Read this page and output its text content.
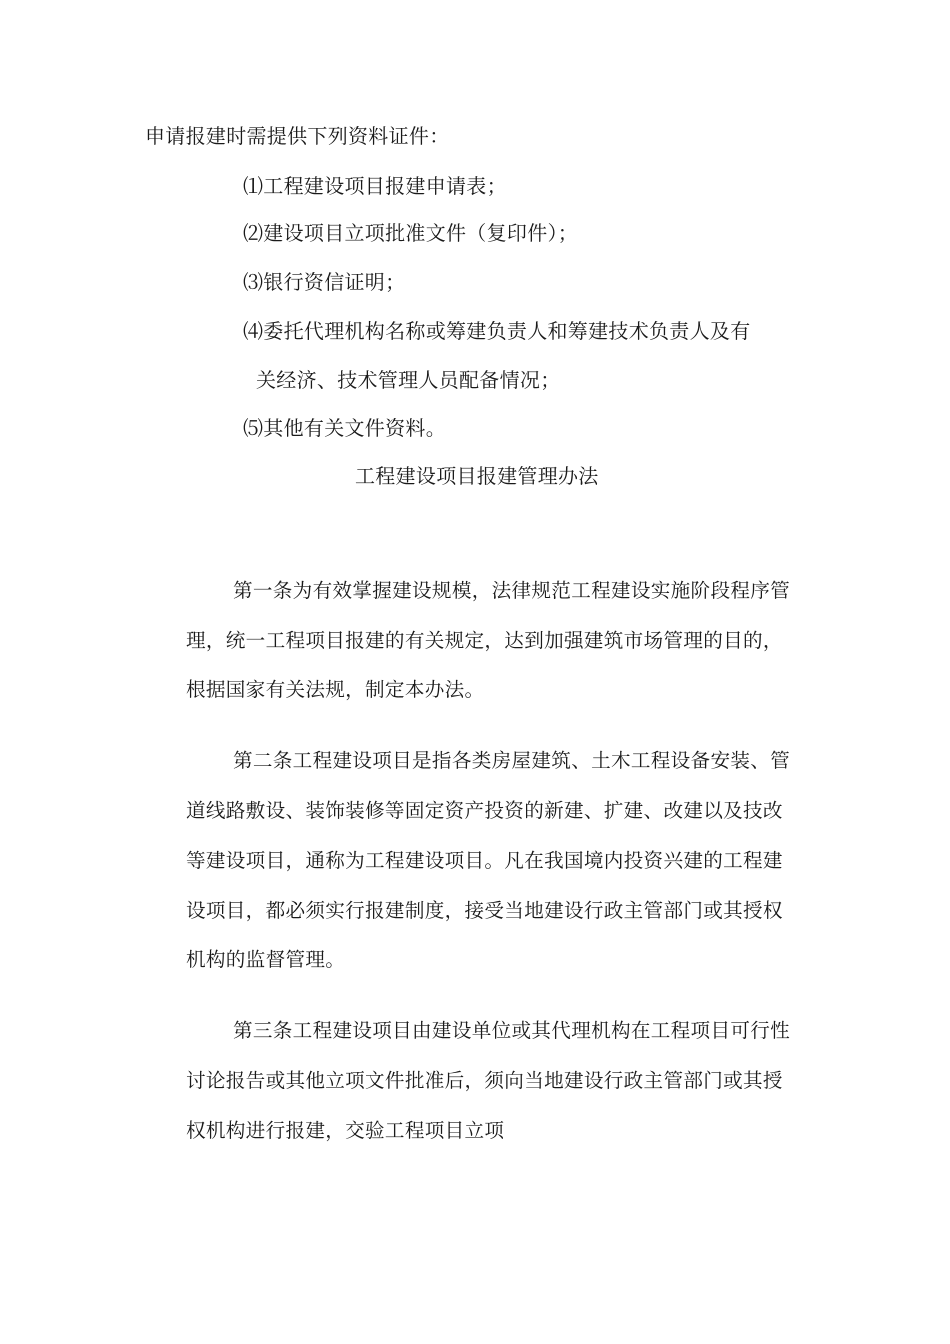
申请报建时需提供下列资料证件：
⑴工程建设项目报建申请表；
⑵建设项目立项批准文件（复印件）；
⑶银行资信证明；
⑷委托代理机构名称或筹建负责人和筹建技术负责人及有
关经济、技术管理人员配备情况；
⑸其他有关文件资料。
工程建设项目报建管理办法
第一条为有效掌握建设规模，法律规范工程建设实施阶段程序管
理，统一工程项目报建的有关规定，达到加强建筑市场管理的目的，
根据国家有关法规，制定本办法。
第二条工程建设项目是指各类房屋建筑、土木工程设备安装、管
道线路敷设、装饰装修等固定资产投资的新建、扩建、改建以及技改
等建设项目，通称为工程建设项目。凡在我国境内投资兴建的工程建
设项目，都必须实行报建制度，接受当地建设行政主管部门或其授权
机构的监督管理。
第三条工程建设项目由建设单位或其代理机构在工程项目可行性
讨论报告或其他立项文件批准后，须向当地建设行政主管部门或其授
权机构进行报建，交验工程项目立项
